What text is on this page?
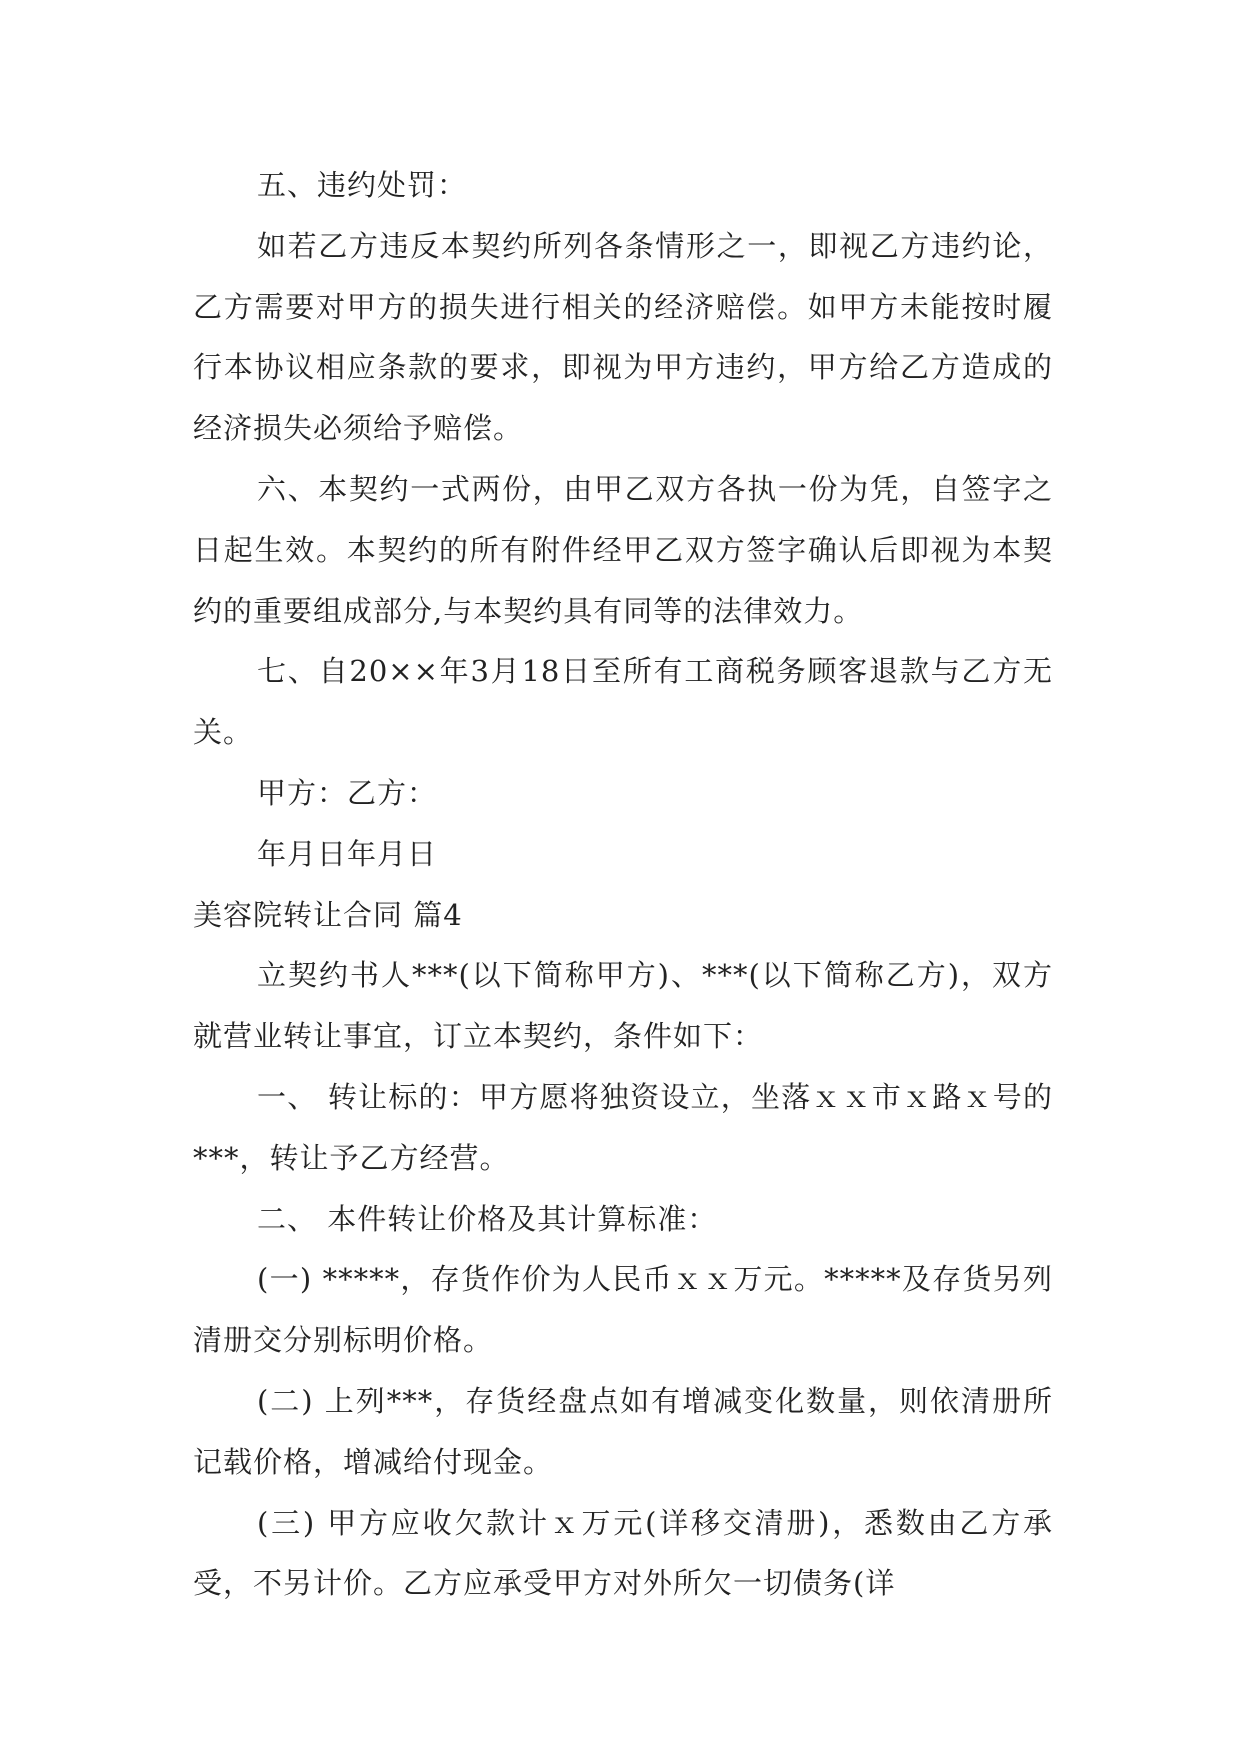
五、违约处罚：

如若乙方违反本契约所列各条情形之一，即视乙方违约论，乙方需要对甲方的损失进行相关的经济赔偿。如甲方未能按时履行本协议相应条款的要求，即视为甲方违约，甲方给乙方造成的经济损失必须给予赔偿。

六、本契约一式两份，由甲乙双方各执一份为凭，自签字之日起生效。本契约的所有附件经甲乙双方签字确认后即视为本契约的重要组成部分,与本契约具有同等的法律效力。

七、自20××年3月18日至所有工商税务顾客退款与乙方无关。

甲方：乙方：

年月日年月日

美容院转让合同 篇4

立契约书人***(以下简称甲方)、***(以下简称乙方)，双方就营业转让事宜，订立本契约，条件如下：

一、 转让标的：甲方愿将独资设立，坐落ｘｘ市ｘ路ｘ号的***，转让予乙方经营。

二、 本件转让价格及其计算标准：

(一) *****，存货作价为人民币ｘｘ万元。*****及存货另列清册交分别标明价格。

(二) 上列***，存货经盘点如有增减变化数量，则依清册所记载价格，增减给付现金。

(三) 甲方应收欠款计ｘ万元(详移交清册)，悉数由乙方承受，不另计价。乙方应承受甲方对外所欠一切债务(详
